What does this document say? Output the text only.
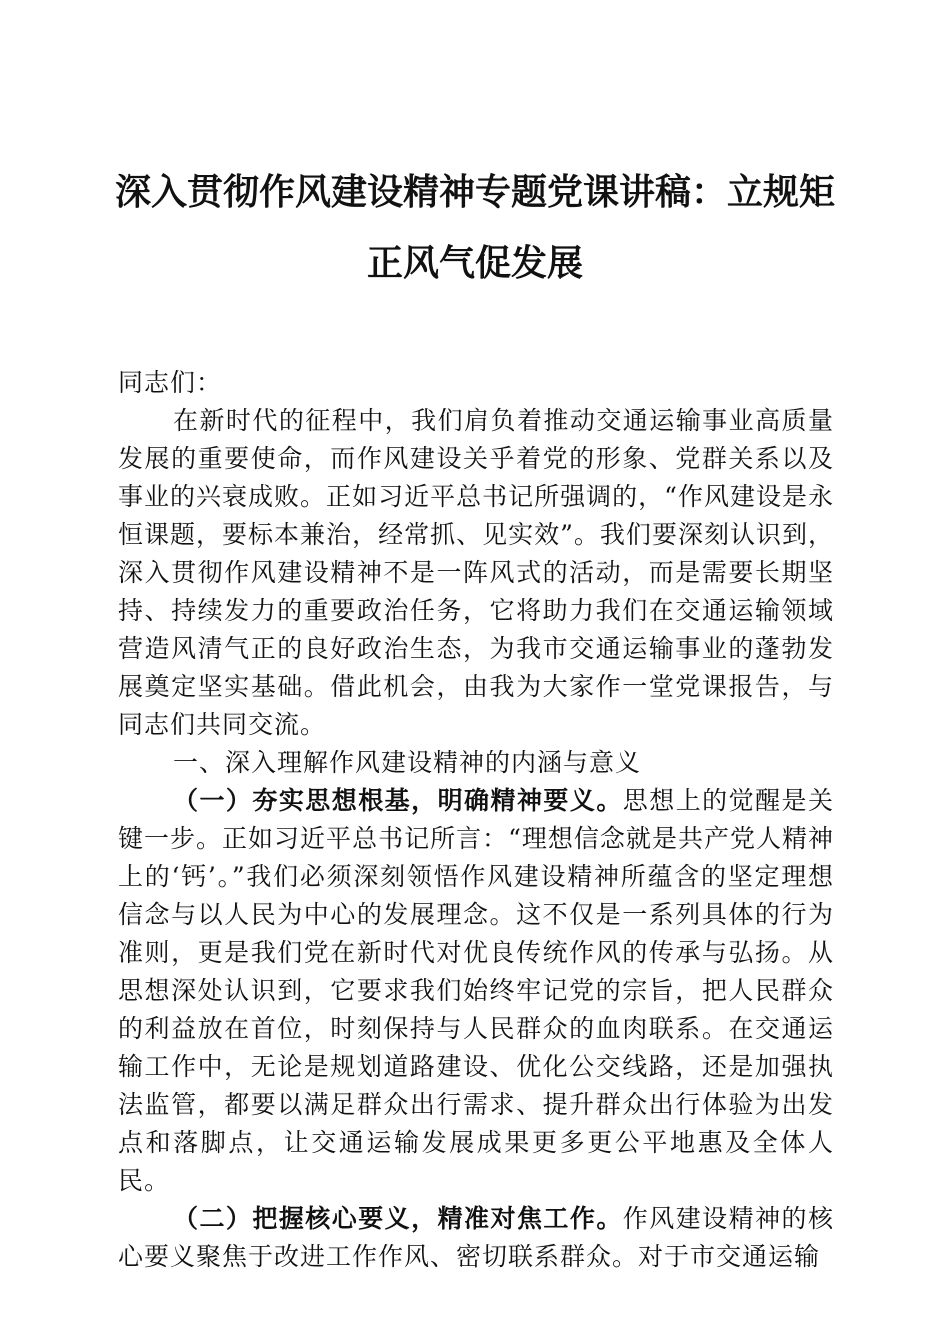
深入贯彻作风建设精神专题党课讲稿：立规矩
正风气促发展

同志们：

在新时代的征程中，我们肩负着推动交通运输事业高质量发展的重要使命，而作风建设关乎着党的形象、党群关系以及事业的兴衰成败。正如习近平总书记所强调的，“作风建设是永恒课题，要标本兼治，经常抓、见实效”。我们要深刻认识到，深入贯彻作风建设精神不是一阵风式的活动，而是需要长期坚持、持续发力的重要政治任务，它将助力我们在交通运输领域营造风清气正的良好政治生态，为我市交通运输事业的蓬勃发展奠定坚实基础。借此机会，由我为大家作一堂党课报告，与同志们共同交流。

一、深入理解作风建设精神的内涵与意义

（一）夯实思想根基，明确精神要义。思想上的觉醒是关键一步。正如习近平总书记所言：“理想信念就是共产党人精神上的‘钙’。”我们必须深刻领悟作风建设精神所蕴含的坚定理想信念与以人民为中心的发展理念。这不仅是一系列具体的行为准则，更是我们党在新时代对优良传统作风的传承与弘扬。从思想深处认识到，它要求我们始终牢记党的宗旨，把人民群众的利益放在首位，时刻保持与人民群众的血肉联系。在交通运输工作中，无论是规划道路建设、优化公交线路，还是加强执法监管，都要以满足群众出行需求、提升群众出行体验为出发点和落脚点，让交通运输发展成果更多更公平地惠及全体人民。

（二）把握核心要义，精准对焦工作。作风建设精神的核心要义聚焦于改进工作作风、密切联系群众。对于市交通运输
